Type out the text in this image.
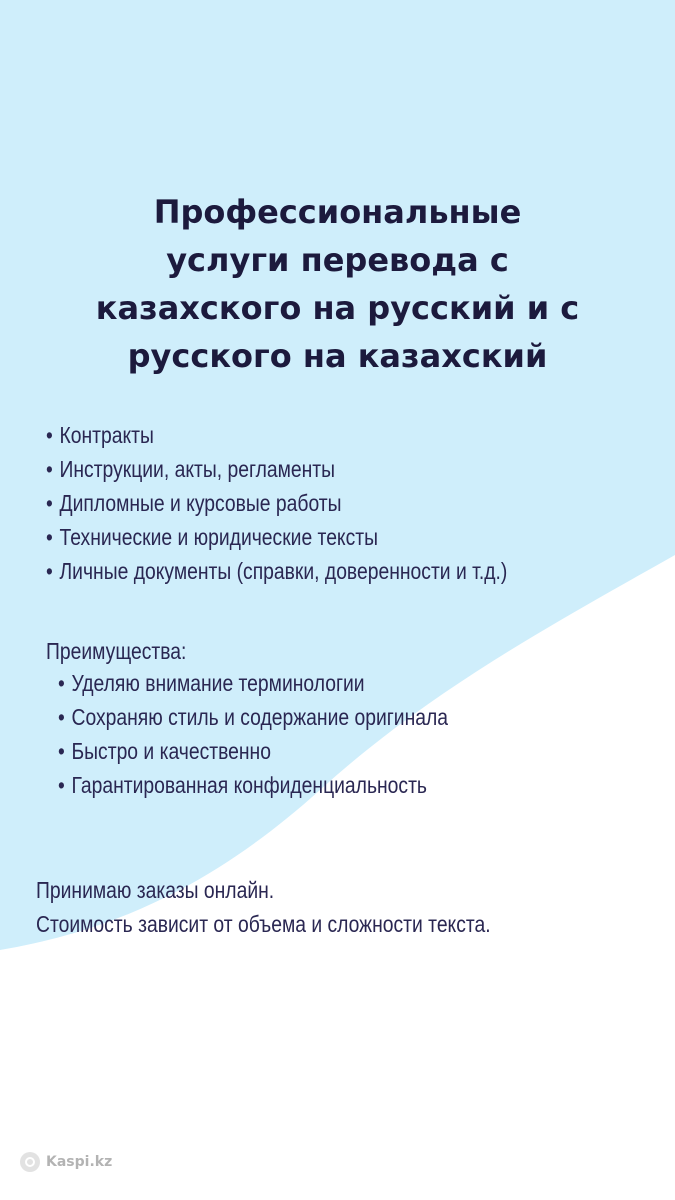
Профессиональные
услуги перевода с
казахского на русский и с
русского на казахский
• Контракты
• Инструкции, акты, регламенты
• Дипломные и курсовые работы
• Технические и юридические тексты
• Личные документы (справки, доверенности и т.д.)

Преимущества:

• Уделяю внимание терминологии
• Сохраняю стиль и содержание оригинала
• Быстро и качественно
• Гарантированная конфиденциальность

Принимаю заказы онлайн.

Стоимость зависит от объема и сложности текста.

Kaspi.kz
